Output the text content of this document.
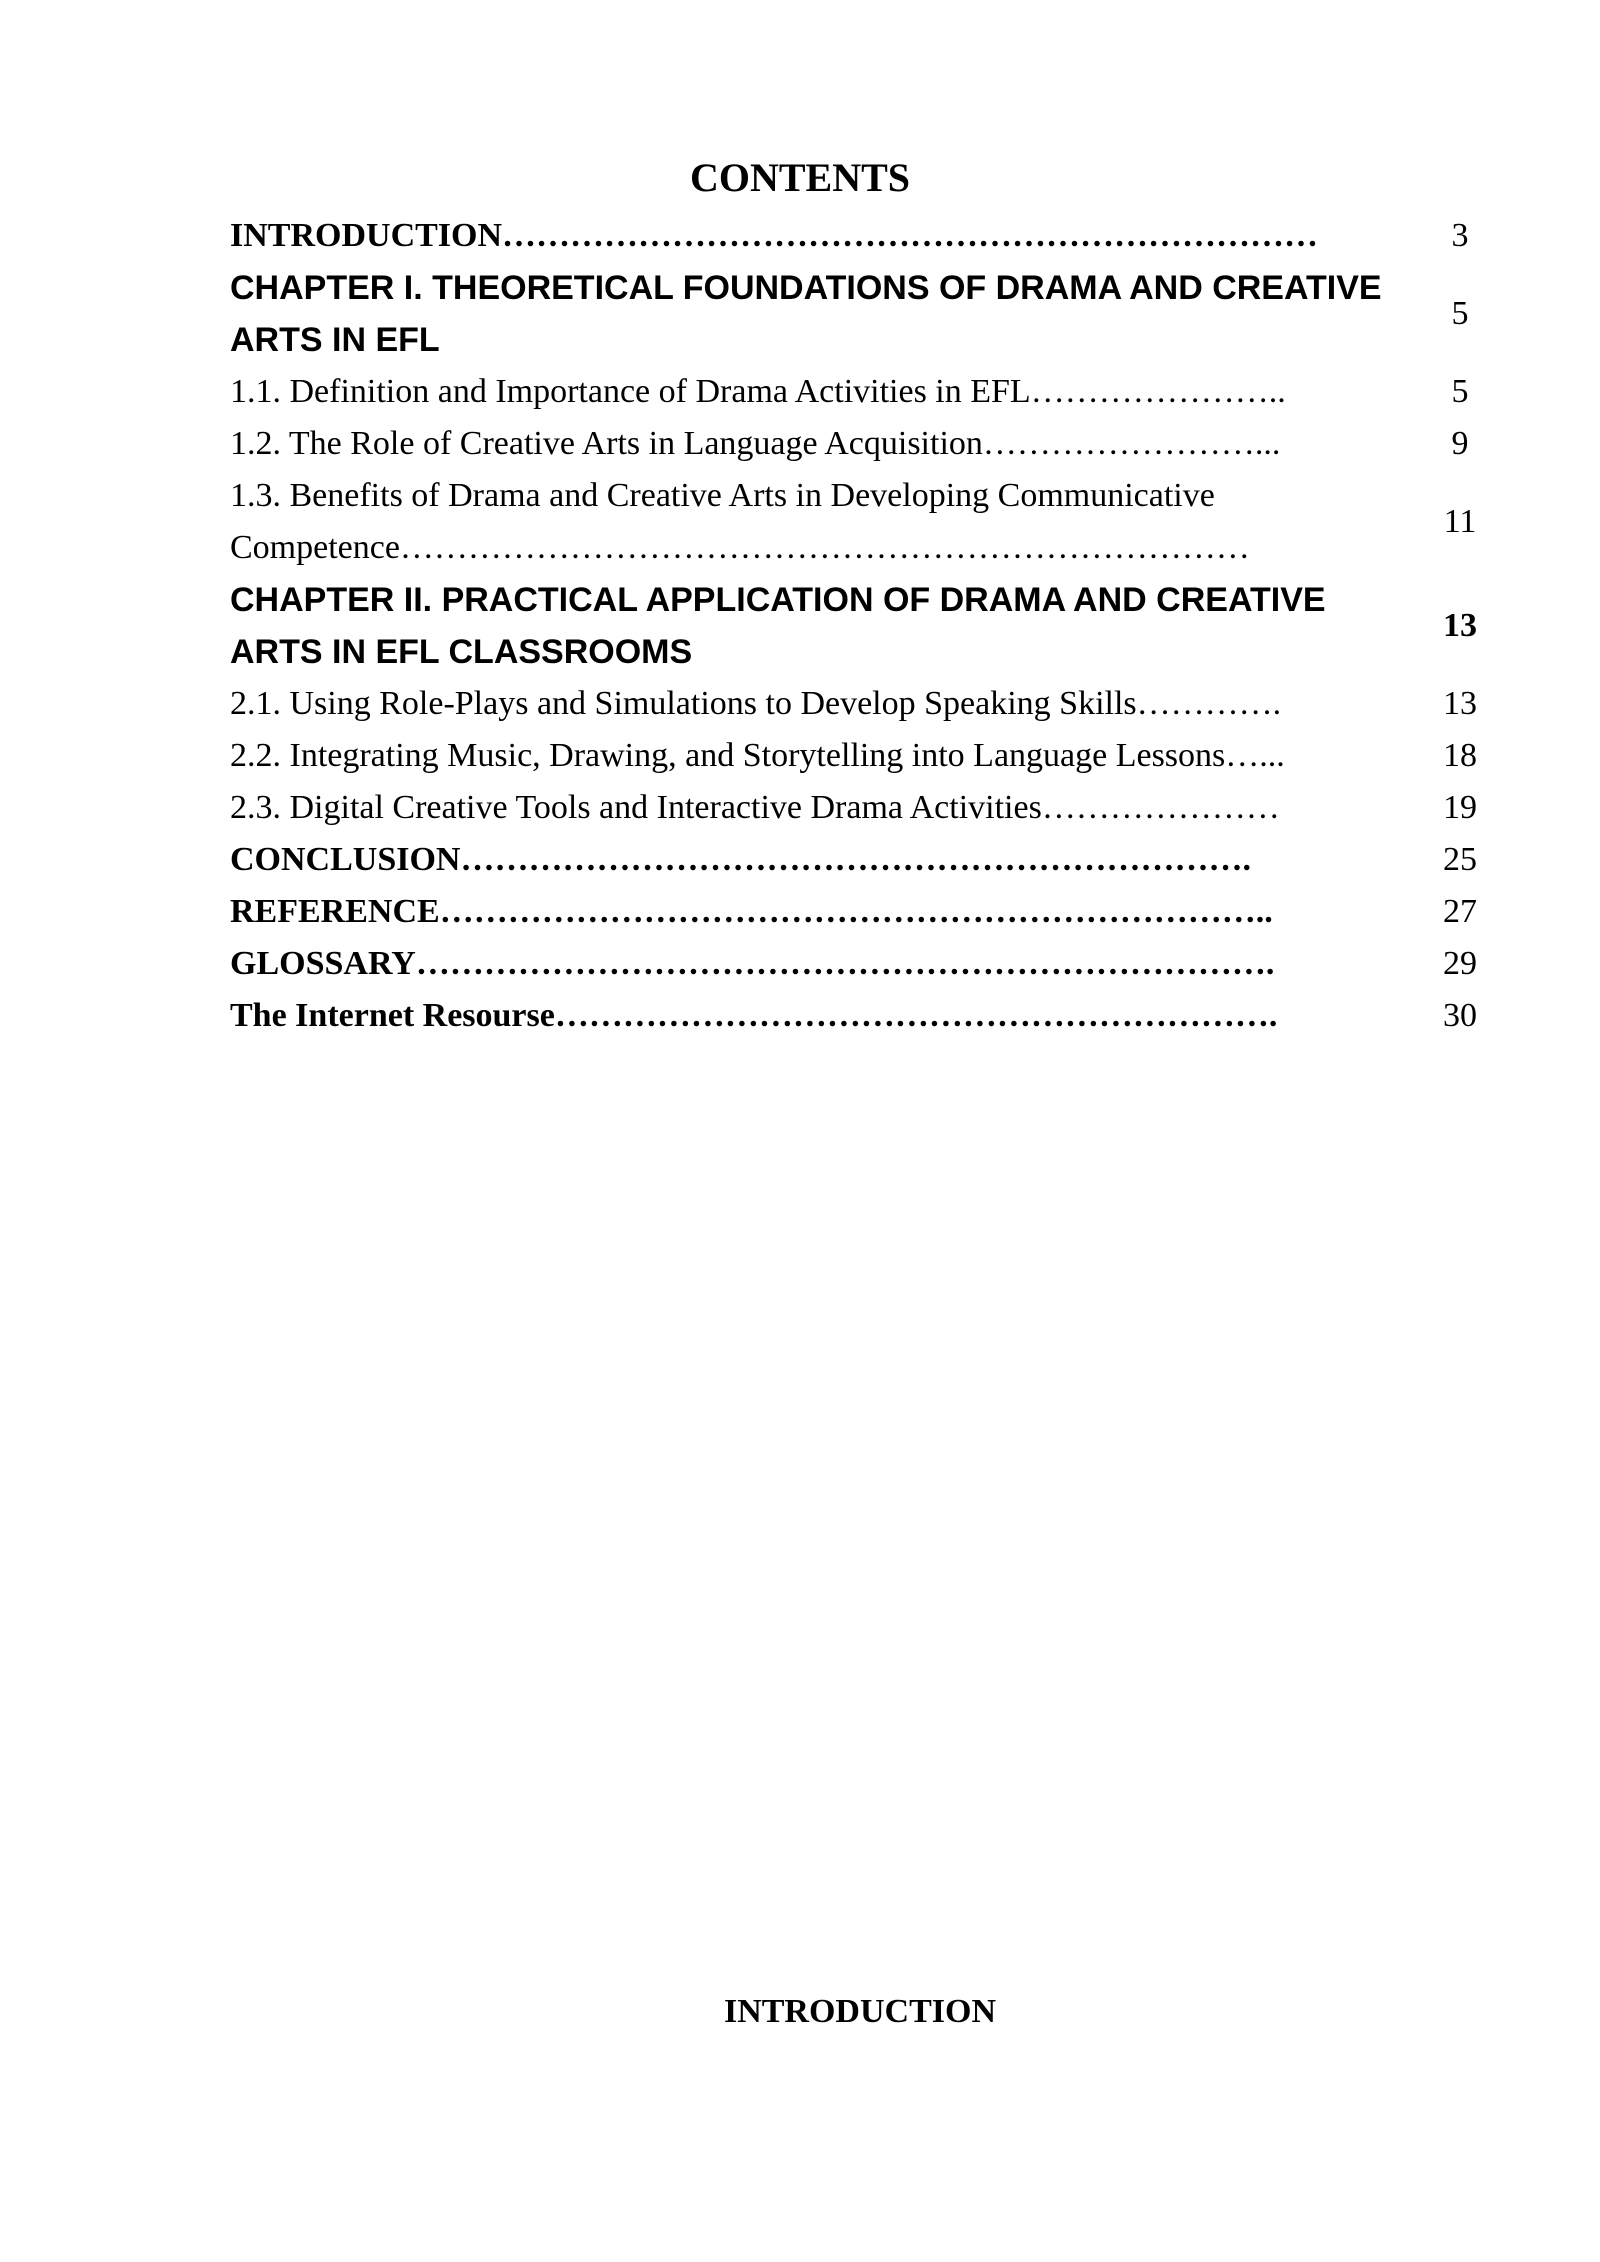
CONTENTS
INTRODUCTION………………………………………………………………	3
CHAPTER I. THEORETICAL FOUNDATIONS OF DRAMA AND CREATIVE ARTS IN EFL	5
1.1. Definition and Importance of Drama Activities in EFL…………………..	5
1.2. The Role of Creative Arts in Language Acquisition……………………...	9
1.3. Benefits of Drama and Creative Arts in Developing Communicative Competence…………………………………………………………………	11
CHAPTER II. PRACTICAL APPLICATION OF DRAMA AND CREATIVE ARTS IN EFL CLASSROOMS	13
2.1. Using Role-Plays and Simulations to Develop Speaking Skills………….	13
2.2. Integrating Music, Drawing, and Storytelling into Language Lessons…...	18
2.3. Digital Creative Tools and Interactive Drama Activities…………………	19
CONCLUSION…………………………………………………………….	25
REFERENCE………………………………………………………………..	27
GLOSSARY………………………………………………………………….	29
The Internet Resourse……………………………………………………….	30
INTRODUCTION
